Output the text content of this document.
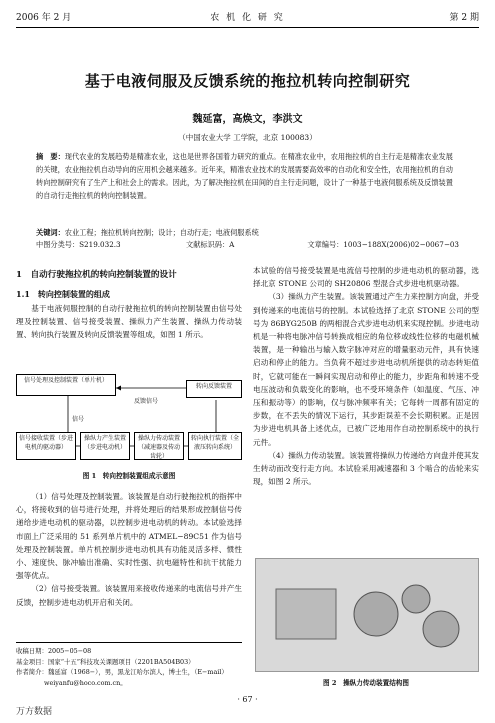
2006 年 2 月	农 机 化 研 究	第 2 期
基于电液伺服及反馈系统的拖拉机转向控制研究
魏延富，高焕文，李洪文
（中国农业大学 工学院，北京 100083）
摘　要：现代农业的发展趋势是精准农业，这也是世界各国着力研究的重点。在精准农业中，农用拖拉机的自主行走是精准农业发展的关键，农业拖拉机自动导向的应用机会越来越多。近年来，精准农业技术的发展需要高效率的自动化和安全性，农用拖拉机的自动转向控制研究有了生产上和社会上的需求。因此，为了解决拖拉机在田间的自主行走问题，设计了一种基于电液伺服系统及反馈装置的自动行走拖拉机的转向控制装置。
关键词：农业工程；拖拉机转向控制；设计；自动行走；电液伺服系统
中图分类号：S219.032.3	文献标识码：A	文章编号：1003−188X(2006)02−0067−03
1　自动行驶拖拉机的转向控制装置的设计
1.1　转向控制装置的组成

基于电液伺服控制的自动行驶拖拉机的转向控制装置由信号处理及控制装置、信号接受装置、操纵力产生装置、操纵力传动装置、转向执行装置及转向反馈装置等组成，如图 1 所示。

信号处理及控制装置（单片机）
转向反馈装置
反馈信号
信号
信号接收装置（步进电机的驱动器）
操纵力产生装置（步进电动机）
操纵力传动装置（减速器及传动齿轮）
转向执行装置（全液压转向系统）
图 1　转向控制装置组成示意图

（1）信号处理及控制装置。该装置是自动行驶拖拉机的指挥中心，将接收到的信号进行处理，并将处理后的结果形成控制信号传递给步进电动机的驱动器，以控制步进电动机的转动。本试验选择市面上广泛采用的 51 系列单片机中的 ATMEL−89C51 作为信号处理及控制装置。单片机控制步进电动机具有功能灵活多样、惯性小、速度快、脉冲输出准确、实时性强、抗电磁特性和抗干扰能力强等优点。

（2）信号接受装置。该装置用来接收传递来的电流信号并产生反馈，控制步进电动机开启和关闭。

本试验的信号接受装置是电流信号控制的步进电动机的驱动器，选择北京 STONE 公司的 SH20806 型混合式步进电机驱动器。

（3）操纵力产生装置。该装置通过产生力来控制方向盘，并受到传递来的电流信号的控制。本试验选择了北京 STONE 公司的型号为 86BYG250B 的两相混合式步进电动机来实现控制。步进电动机是一种将电脉冲信号转换成相应的角位移或线性位移的电磁机械装置，是一种输出与输入数字脉冲对应的增量驱动元件，具有快速启动和停止的能力。当负荷不超过步进电动机所提供的动态转矩值时，它就可能在一瞬间实现启动和停止的能力，步距角和转速不受电压波动和负载变化的影响，也不受环境条件（如温度、气压、冲压和振动等）的影响，仅与脉冲频率有关；它每转一周都有固定的步数，在不丢失的情况下运行，其步距误差不会长期积累。正是因为步进电机具备上述优点，已被广泛地用作自动控制系统中的执行元件。

（4）操纵力传动装置。该装置将操纵力传递给方向盘并使其发生转动而改变行走方向。本试验采用减速器和 3 个啮合的齿轮来实现，如图 2 所示。

图 2　操纵力传动装置结构图
收稿日期：2005−05−08
基金项目：国家“十五”科技攻关课题项目（2201BA504B03）
作者简介：魏延富（1968−），男，黑龙江哈尔滨人，博士生，（E−mail）
weiyanfu@hoco.com.cn。
· 67 ·
万方数据
